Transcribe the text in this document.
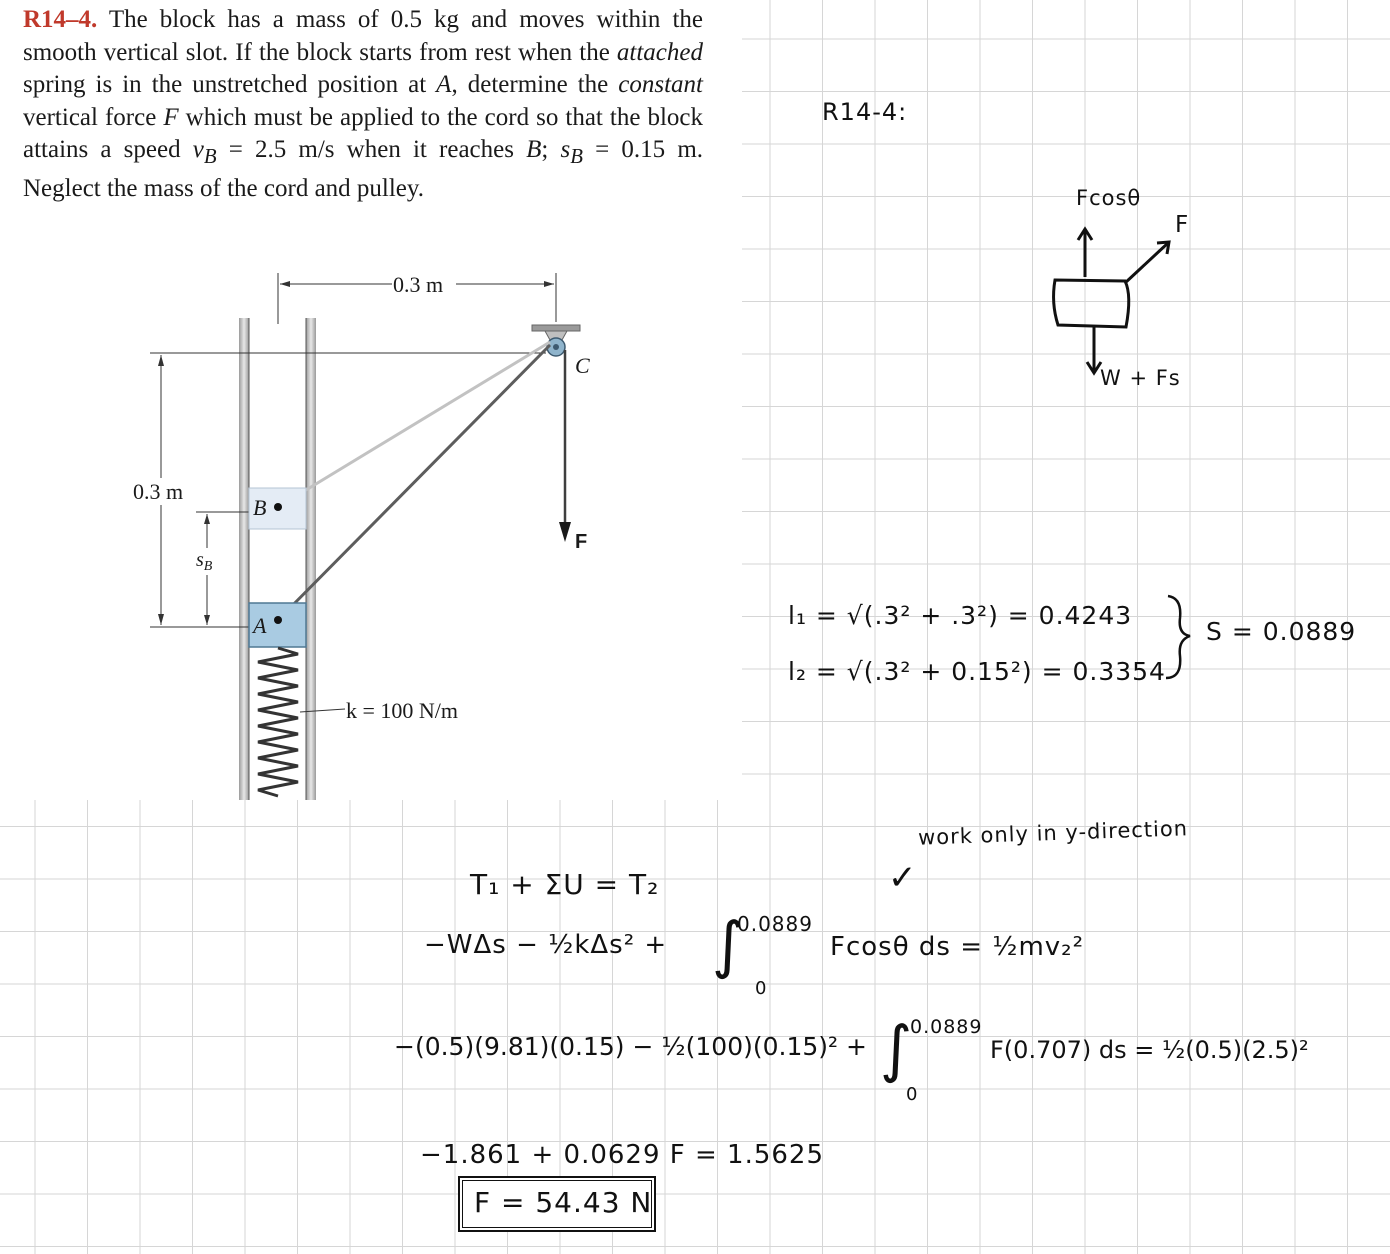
R14–4. The block has a mass of 0.5 kg and moves within the smooth vertical slot. If the block starts from rest when the attached spring is in the unstretched position at A, determine the constant vertical force F which must be applied to the cord so that the block attains a speed $v_B = 2.5$ m/s when it reaches B; $s_B = 0.15$ m. Neglect the mass of the cord and pulley.
0.3 m
0.3 m
$s_B$
C
F
B
A
k = 100 N/m
R14-4:
Fcosθ
F
W + Fs
l₁ = √(.3² + .3²) = 0.4243
l₂ = √(.3² + 0.15²) = 0.3354
S = 0.0889
work only in y-direction
✓
T₁ + ΣU = T₂
−WΔs − ½kΔs² + ∫
0.0889
0
Fcosθ ds = ½mv₂²
−(0.5)(9.81)(0.15) − ½(100)(0.15)² + ∫
0.0889
0
F(0.707) ds = ½(0.5)(2.5)²
−1.861 + 0.0629 F = 1.5625
F = 54.43 N
